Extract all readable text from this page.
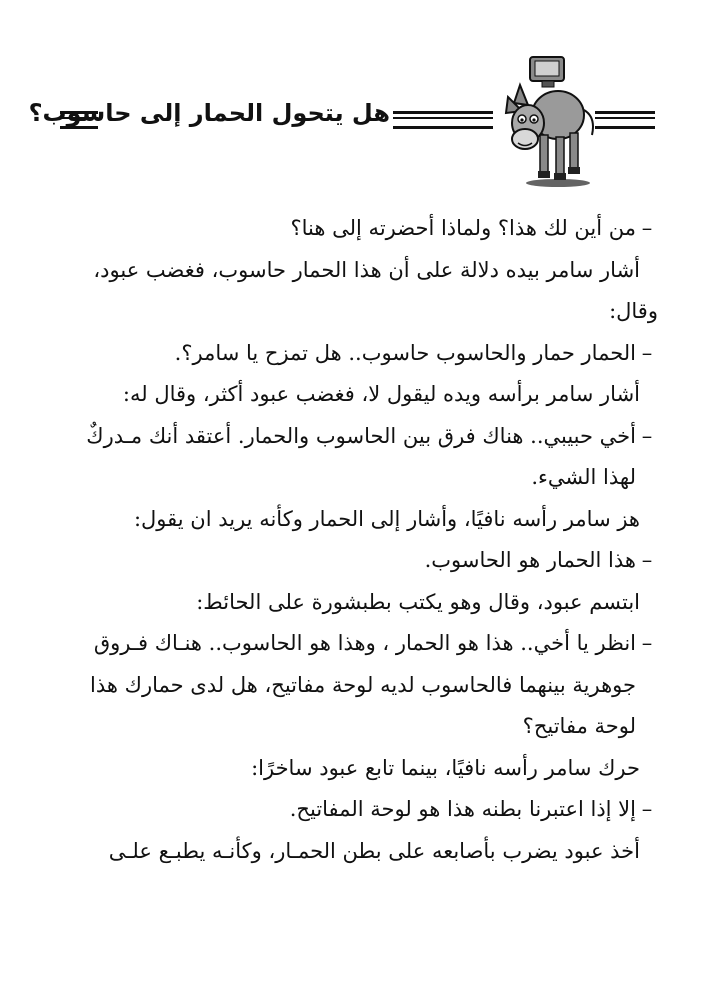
هل يتحول الحمار إلى حاسوب؟
–من أين لك هذا؟ ولماذا أحضرته إلى هنا؟
أشار سامر بيده دلالة على أن هذا الحمار حاسوب، فغضب عبود،
وقال:
–الحمار حمار والحاسوب حاسوب.. هل تمزح يا سامر؟.
أشار سامر برأسه ويده ليقول لا، فغضب عبود أكثر، وقال له:
–أخي حبيبي.. هناك فرق بين الحاسوب والحمار. أعتقد أنك مـدركٌ
لهذا الشيء.
هز سامر رأسه نافيًا، وأشار إلى الحمار وكأنه يريد ان يقول:
–هذا الحمار هو الحاسوب.
ابتسم عبود، وقال وهو يكتب بطبشورة على الحائط:
–انظر يا أخي.. هذا هو الحمار ، وهذا هو الحاسوب.. هنـاك فـروق
جوهرية بينهما فالحاسوب لديه لوحة مفاتيح، هل لدى حمارك هذا
لوحة مفاتيح؟
حرك سامر رأسه نافيًا، بينما تابع عبود ساخرًا:
–إلا إذا اعتبرنا بطنه هذا هو لوحة المفاتيح.
أخذ عبود يضرب بأصابعه على بطن الحمـار، وكأنـه يطبـع علـى
